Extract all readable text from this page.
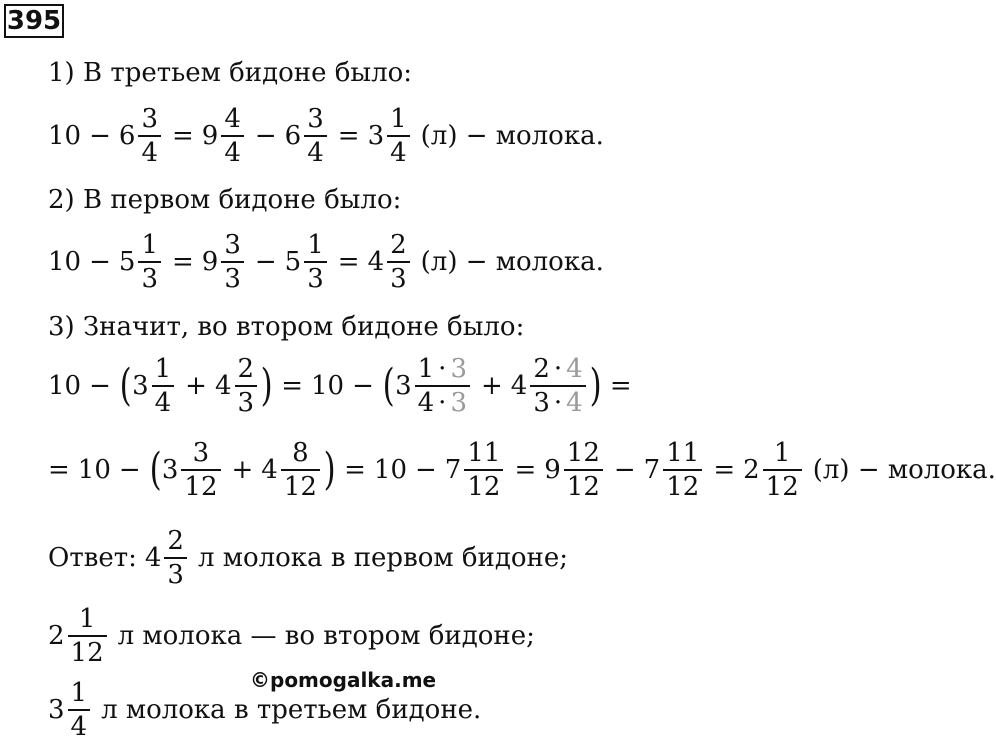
395
1) В третьем бидоне было:
$10 - 6 \frac{3}{4} = 9 \frac{4}{4} - 6 \frac{3}{4} = 3 \frac{1}{4} (л)$ − молока.
2) В первом бидоне было:
$10 - 5 \frac{1}{3} = 9 \frac{3}{3} - 5 \frac{1}{3} = 4 \frac{2}{3} (л)$ − молока.
3) Значит, во втором бидоне было:
10 − ( $3 \frac{1}{4} + 4 \frac{2}{3}$ ) = 10 − ( $3 \frac{1 \cdot 3}{4 \cdot 3} + 4 \frac{2 \cdot 4}{3 \cdot 4}$ ) =
= 10 − ( $3 \frac{3}{12} + 4 \frac{8}{12}$ ) = $10 - 7 \frac{11}{12} = 9 \frac{12}{12} - 7 \frac{11}{12} = 2 \frac{1}{12} (л)$ − молока.
Ответ: $4 \frac{2}{3}$ л молока в первом бидоне;
$2 \frac{1}{12}$ л молока — во втором бидоне;
©pomogalka.me
$3 \frac{1}{4}$ л молока в третьем бидоне.
